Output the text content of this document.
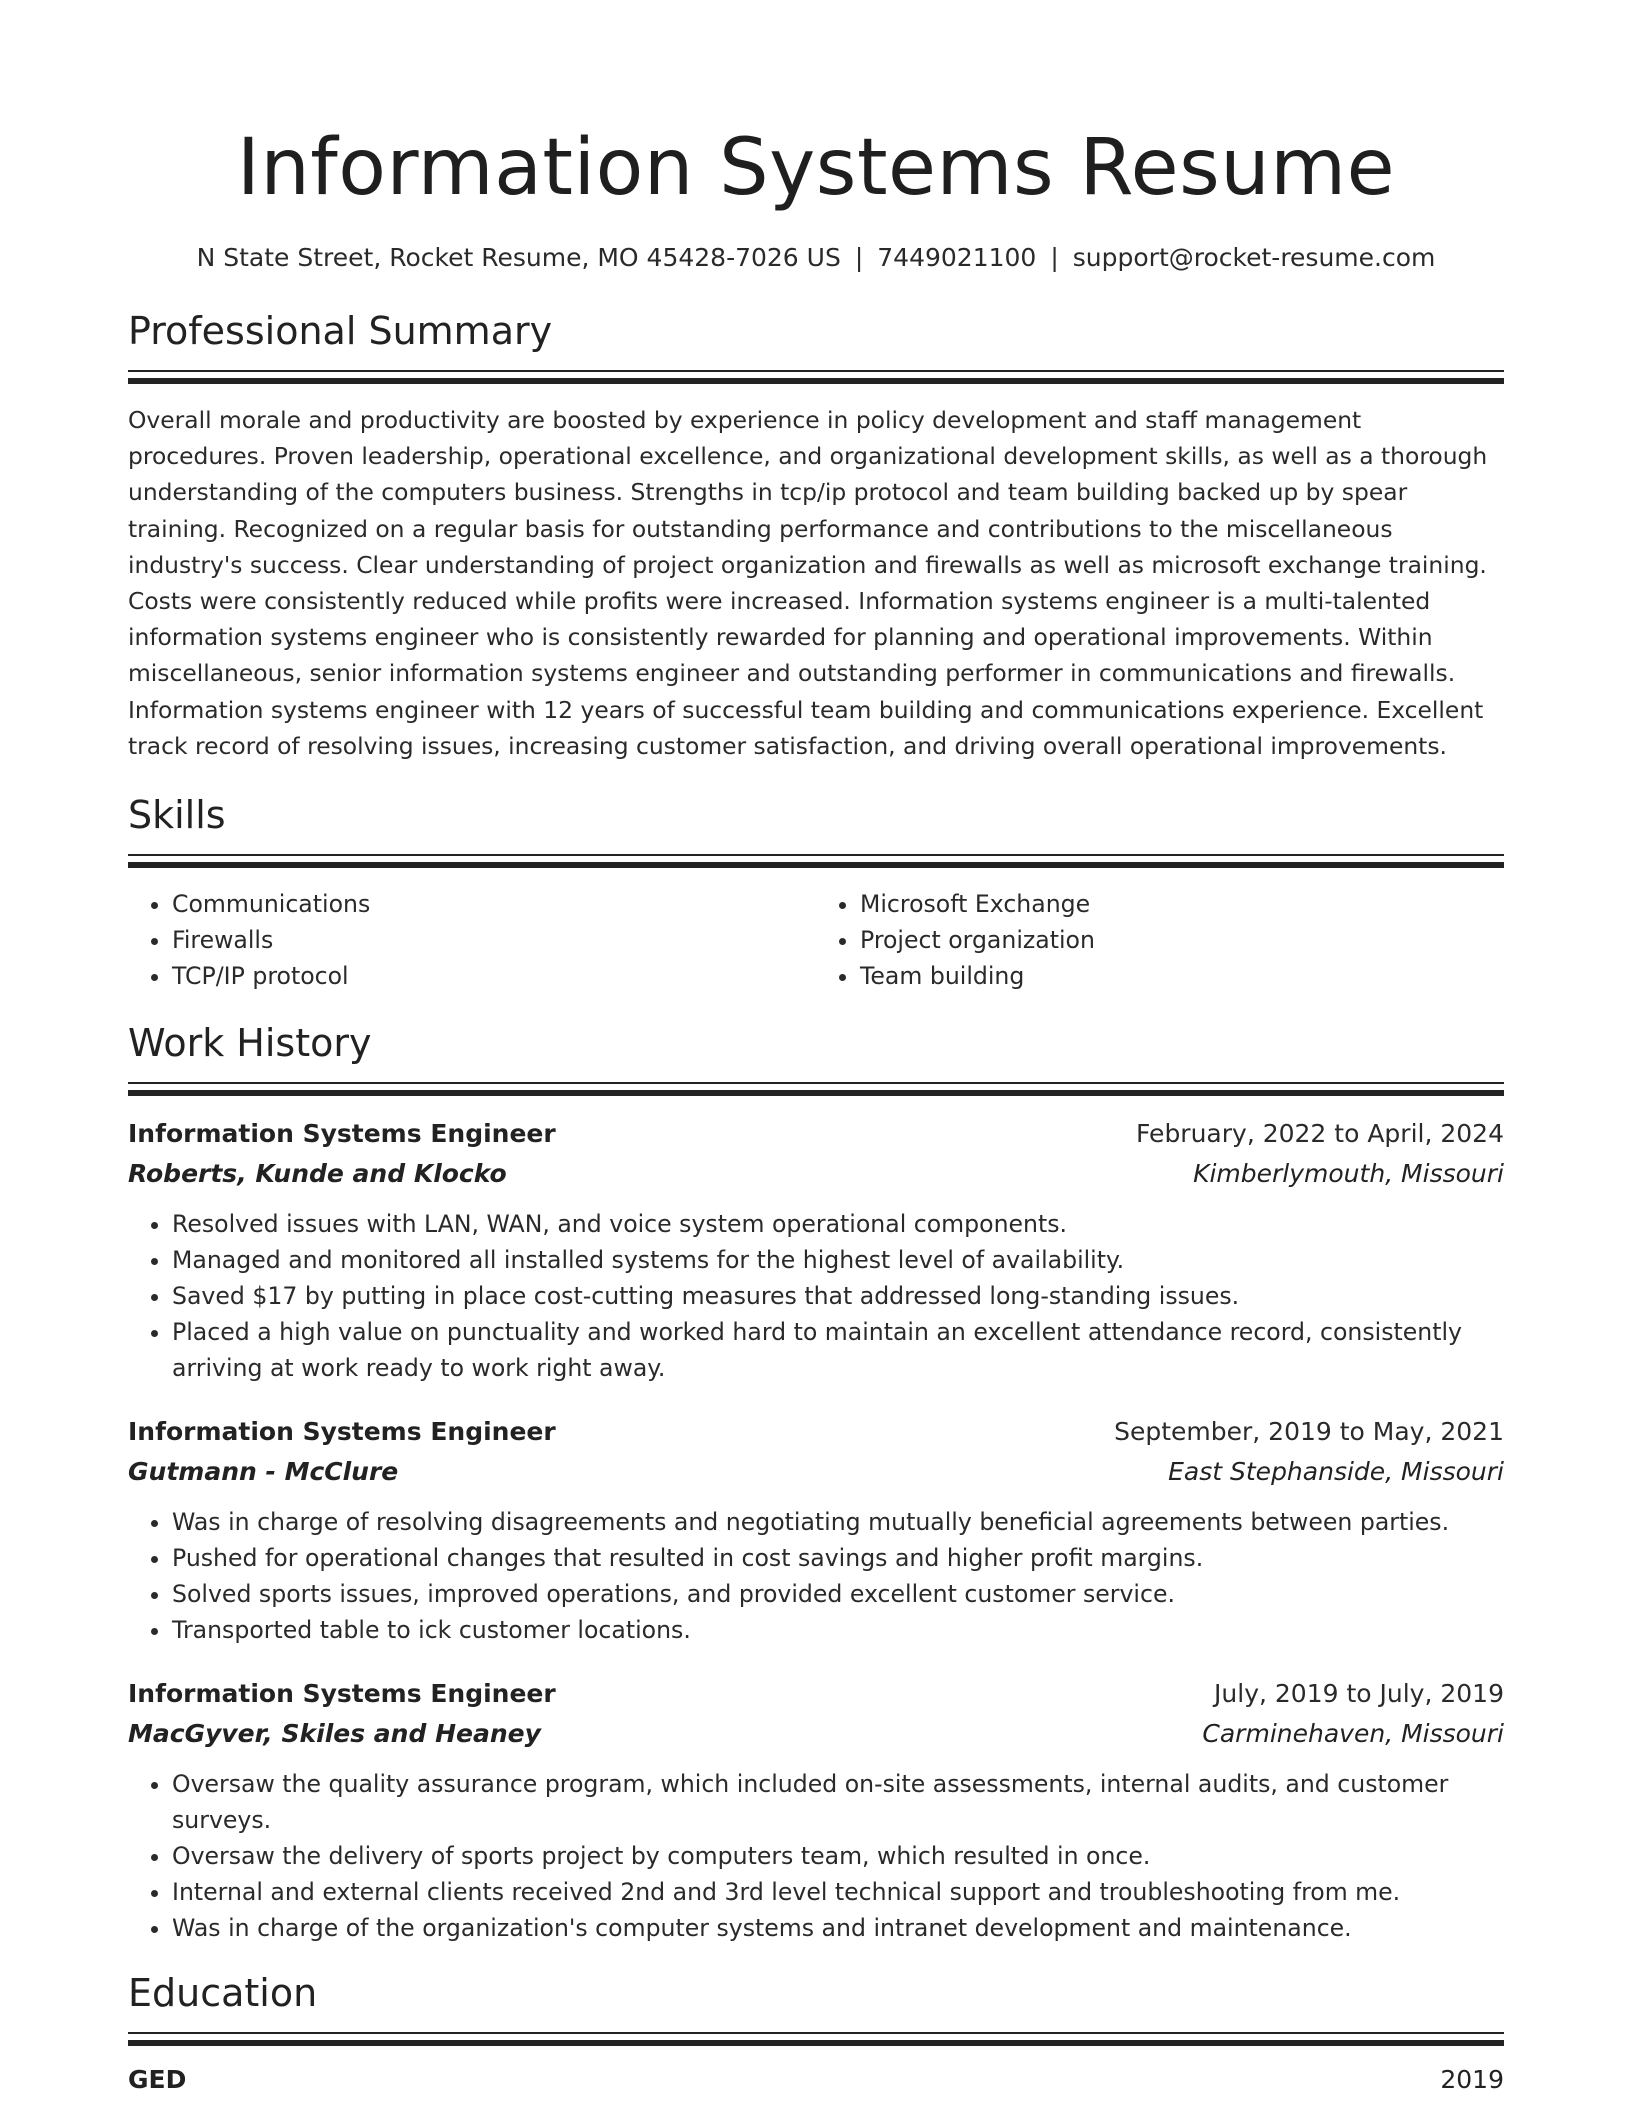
Information Systems Resume
N State Street, Rocket Resume, MO 45428-7026 US | 7449021100 | support@rocket-resume.com
Professional Summary

Overall morale and productivity are boosted by experience in policy development and staff management procedures. Proven leadership, operational excellence, and organizational development skills, as well as a thorough understanding of the computers business. Strengths in tcp/ip protocol and team building backed up by spear training. Recognized on a regular basis for outstanding performance and contributions to the miscellaneous industry's success. Clear understanding of project organization and firewalls as well as microsoft exchange training. Costs were consistently reduced while profits were increased. Information systems engineer is a multi-talented information systems engineer who is consistently rewarded for planning and operational improvements. Within miscellaneous, senior information systems engineer and outstanding performer in communications and firewalls. Information systems engineer with 12 years of successful team building and communications experience. Excellent track record of resolving issues, increasing customer satisfaction, and driving overall operational improvements.

Skills
• Communications
• Firewalls
• TCP/IP protocol
• Microsoft Exchange
• Project organization
• Team building
Work History
Information Systems Engineer	February, 2022 to April, 2024
Roberts, Kunde and Klocko	Kimberlymouth, Missouri
• Resolved issues with LAN, WAN, and voice system operational components.
• Managed and monitored all installed systems for the highest level of availability.
• Saved $17 by putting in place cost-cutting measures that addressed long-standing issues.
• Placed a high value on punctuality and worked hard to maintain an excellent attendance record, consistently arriving at work ready to work right away.
Information Systems Engineer	September, 2019 to May, 2021
Gutmann - McClure	East Stephanside, Missouri
• Was in charge of resolving disagreements and negotiating mutually beneficial agreements between parties.
• Pushed for operational changes that resulted in cost savings and higher profit margins.
• Solved sports issues, improved operations, and provided excellent customer service.
• Transported table to ick customer locations.
Information Systems Engineer	July, 2019 to July, 2019
MacGyver, Skiles and Heaney	Carminehaven, Missouri
• Oversaw the quality assurance program, which included on-site assessments, internal audits, and customer surveys.
• Oversaw the delivery of sports project by computers team, which resulted in once.
• Internal and external clients received 2nd and 3rd level technical support and troubleshooting from me.
• Was in charge of the organization's computer systems and intranet development and maintenance.
Education
GED	2019
